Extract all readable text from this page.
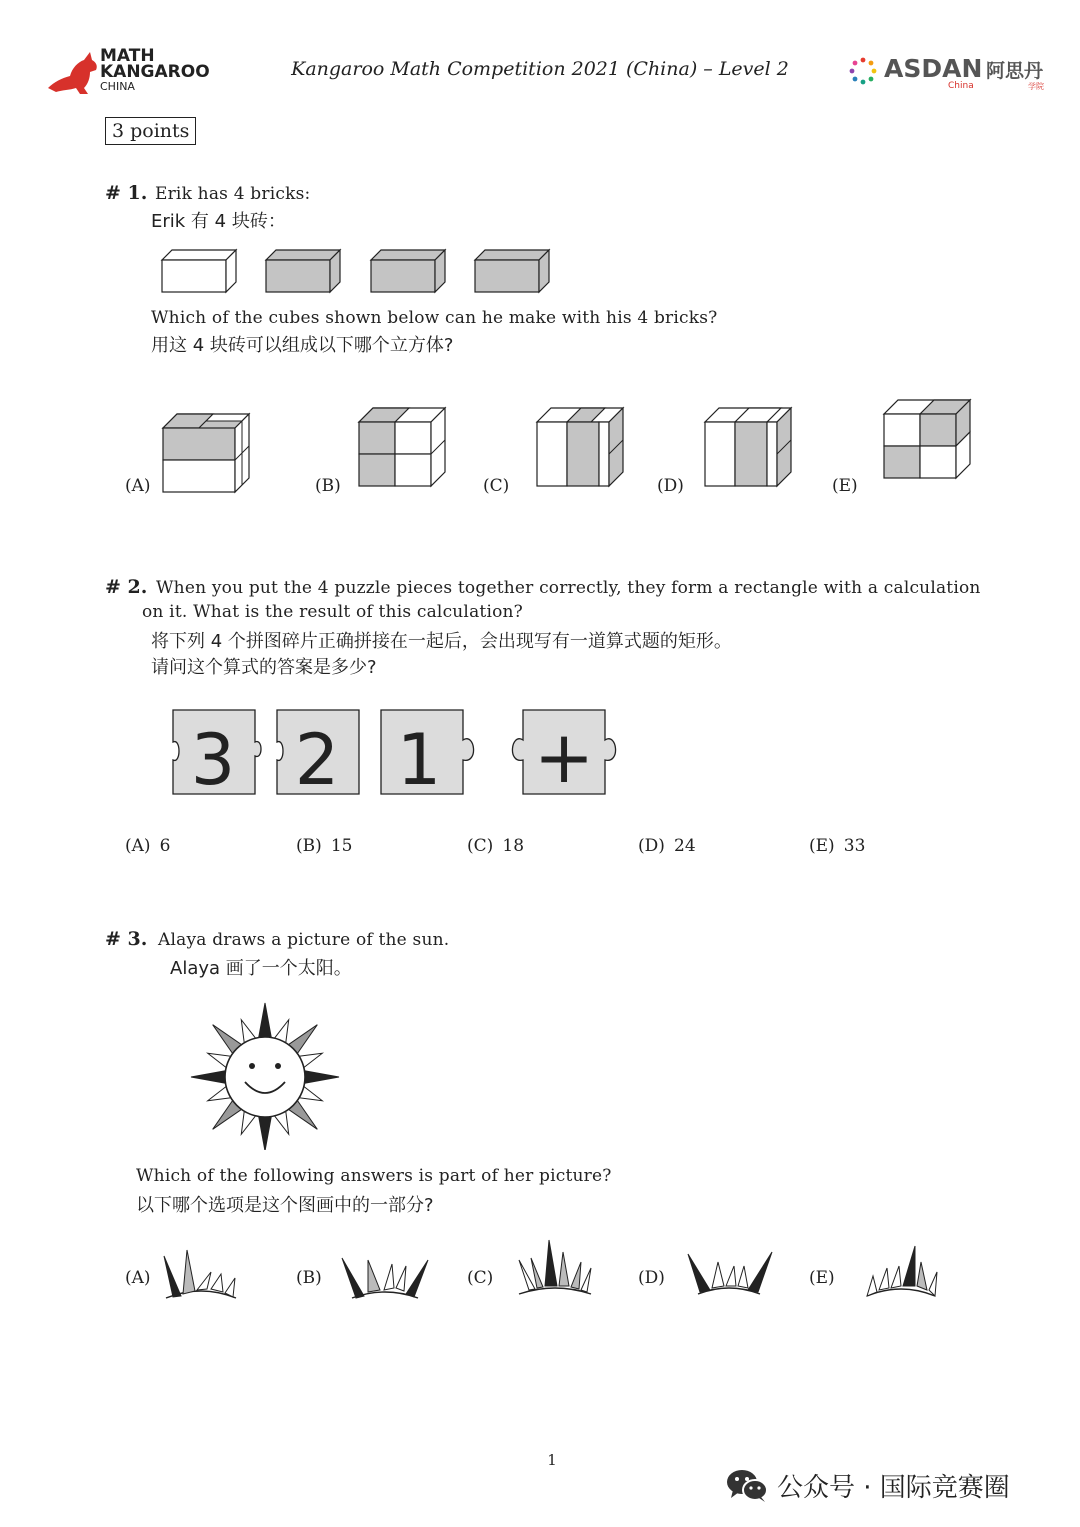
MATH
KANGAROO
CHINA
Kangaroo Math Competition 2021 (China) – Level 2	ASDAN 阿思丹
China	学院
3 points
# 1. Erik has 4 bricks:
Erik 有 4 块砖：
Which of the cubes shown below can he make with his 4 bricks?
用这 4 块砖可以组成以下哪个立方体?
(A)	(B)	(C)	(D)	(E)
# 2. When you put the 4 puzzle pieces together correctly, they form a rectangle with a calculation
on it. What is the result of this calculation?
将下列 4 个拼图碎片正确拼接在一起后，会出现写有一道算式题的矩形。
请问这个算式的答案是多少?
3 2 1 +
(A) 6	(B) 15	(C) 18	(D) 24	(E) 33
# 3. Alaya draws a picture of the sun.
Alaya 画了一个太阳。
Which of the following answers is part of her picture?
以下哪个选项是这个图画中的一部分?
(A)	(B)	(C)	(D)	(E)
1
公众号 · 国际竞赛圈
